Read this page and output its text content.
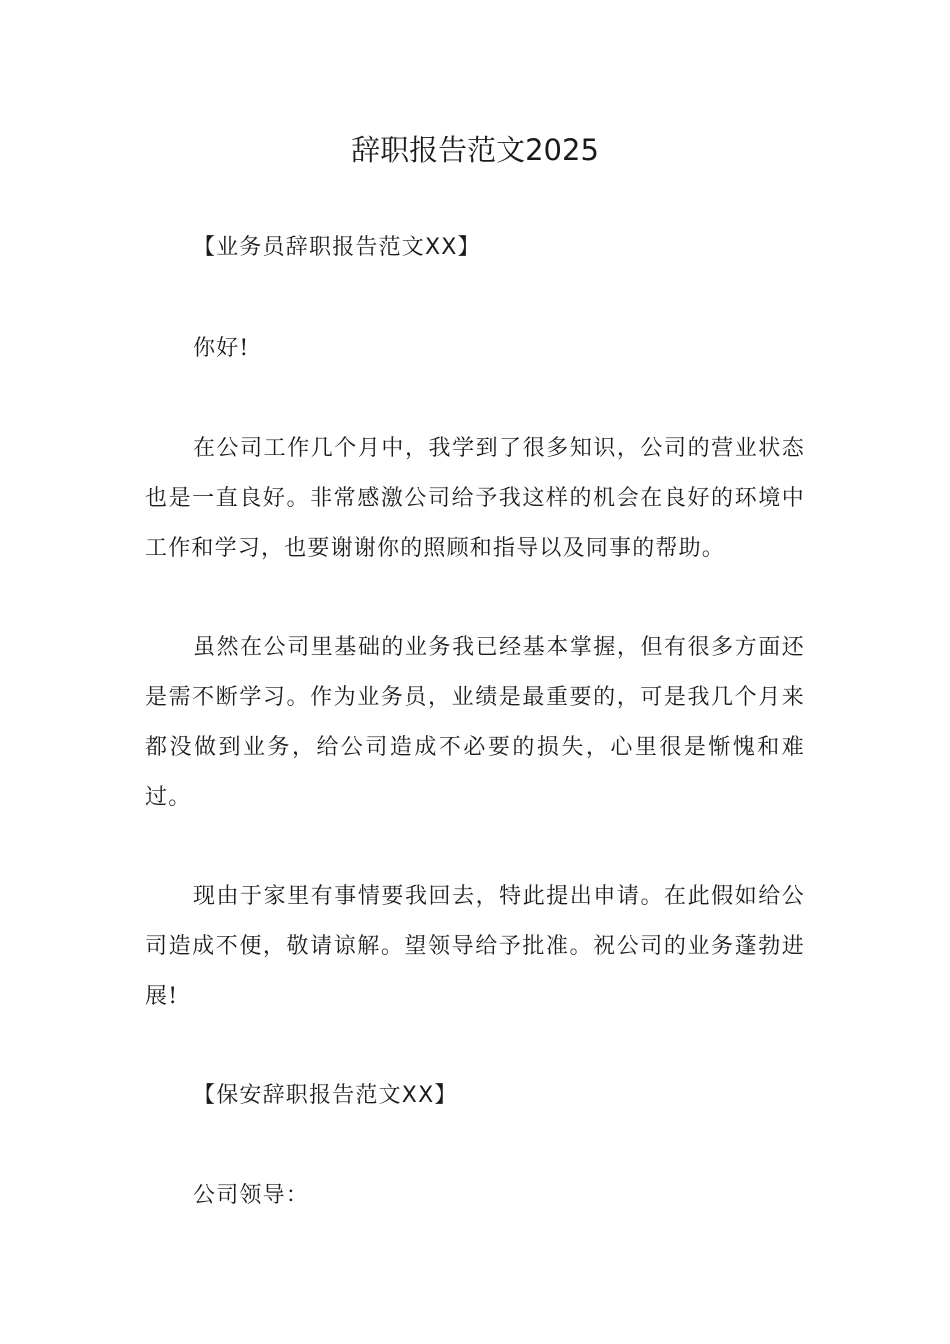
辞职报告范文2025
【业务员辞职报告范文XX】
你好!
在公司工作几个月中，我学到了很多知识，公司的营业状态也是一直良好。非常感激公司给予我这样的机会在良好的环境中工作和学习，也要谢谢你的照顾和指导以及同事的帮助。
虽然在公司里基础的业务我已经基本掌握，但有很多方面还是需不断学习。作为业务员，业绩是最重要的，可是我几个月来都没做到业务，给公司造成不必要的损失，心里很是惭愧和难过。
现由于家里有事情要我回去，特此提出申请。在此假如给公司造成不便，敬请谅解。望领导给予批准。祝公司的业务蓬勃进展!
【保安辞职报告范文XX】
公司领导：
